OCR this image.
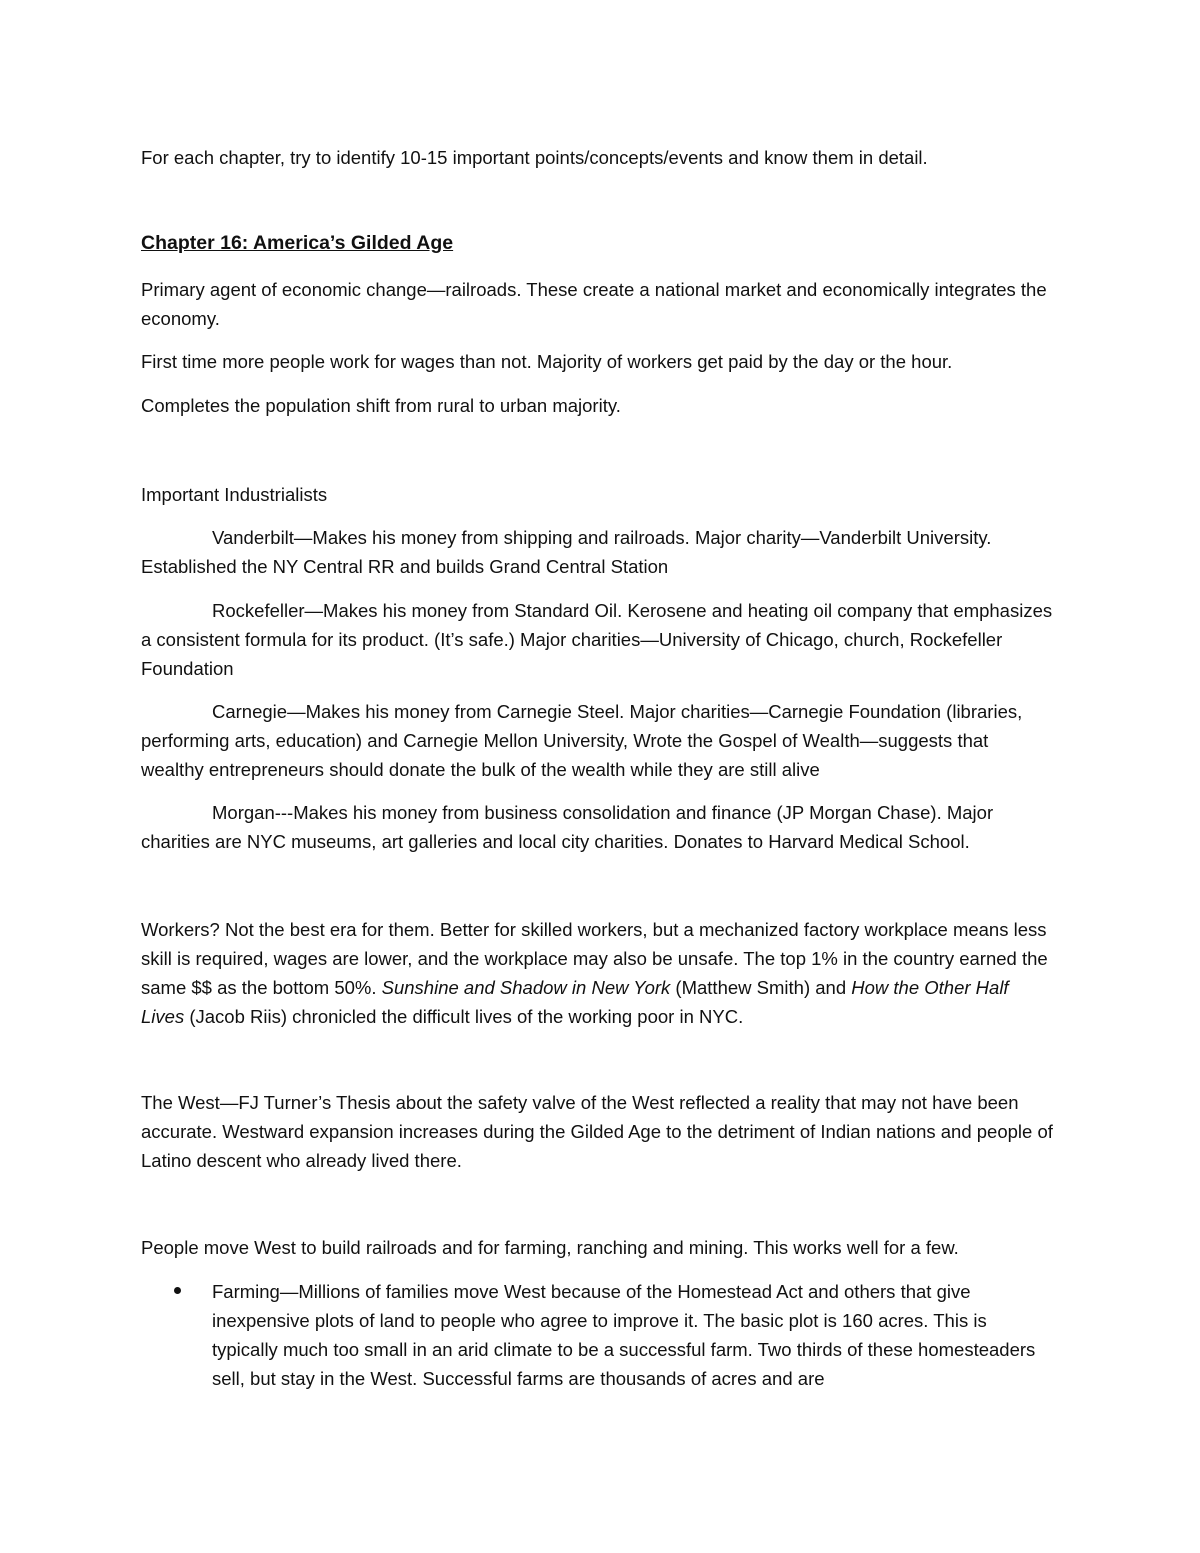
For each chapter, try to identify 10-15 important points/concepts/events and know them in detail.

Chapter 16: America’s Gilded Age

Primary agent of economic change—railroads. These create a national market and economically integrates the economy.

First time more people work for wages than not. Majority of workers get paid by the day or the hour.

Completes the population shift from rural to urban majority.

Important Industrialists

Vanderbilt—Makes his money from shipping and railroads. Major charity—Vanderbilt University. Established the NY Central RR and builds Grand Central Station

Rockefeller—Makes his money from Standard Oil. Kerosene and heating oil company that emphasizes a consistent formula for its product. (It’s safe.) Major charities—University of Chicago, church, Rockefeller Foundation

Carnegie—Makes his money from Carnegie Steel. Major charities—Carnegie Foundation (libraries, performing arts, education) and Carnegie Mellon University, Wrote the Gospel of Wealth—suggests that wealthy entrepreneurs should donate the bulk of the wealth while they are still alive

Morgan---Makes his money from business consolidation and finance (JP Morgan Chase). Major charities are NYC museums, art galleries and local city charities. Donates to Harvard Medical School.

Workers? Not the best era for them. Better for skilled workers, but a mechanized factory workplace means less skill is required, wages are lower, and the workplace may also be unsafe. The top 1% in the country earned the same $$ as the bottom 50%. Sunshine and Shadow in New York (Matthew Smith) and How the Other Half Lives (Jacob Riis) chronicled the difficult lives of the working poor in NYC.

The West—FJ Turner’s Thesis about the safety valve of the West reflected a reality that may not have been accurate. Westward expansion increases during the Gilded Age to the detriment of Indian nations and people of Latino descent who already lived there.

People move West to build railroads and for farming, ranching and mining. This works well for a few.

Farming—Millions of families move West because of the Homestead Act and others that give inexpensive plots of land to people who agree to improve it. The basic plot is 160 acres. This is typically much too small in an arid climate to be a successful farm. Two thirds of these homesteaders sell, but stay in the West. Successful farms are thousands of acres and are
